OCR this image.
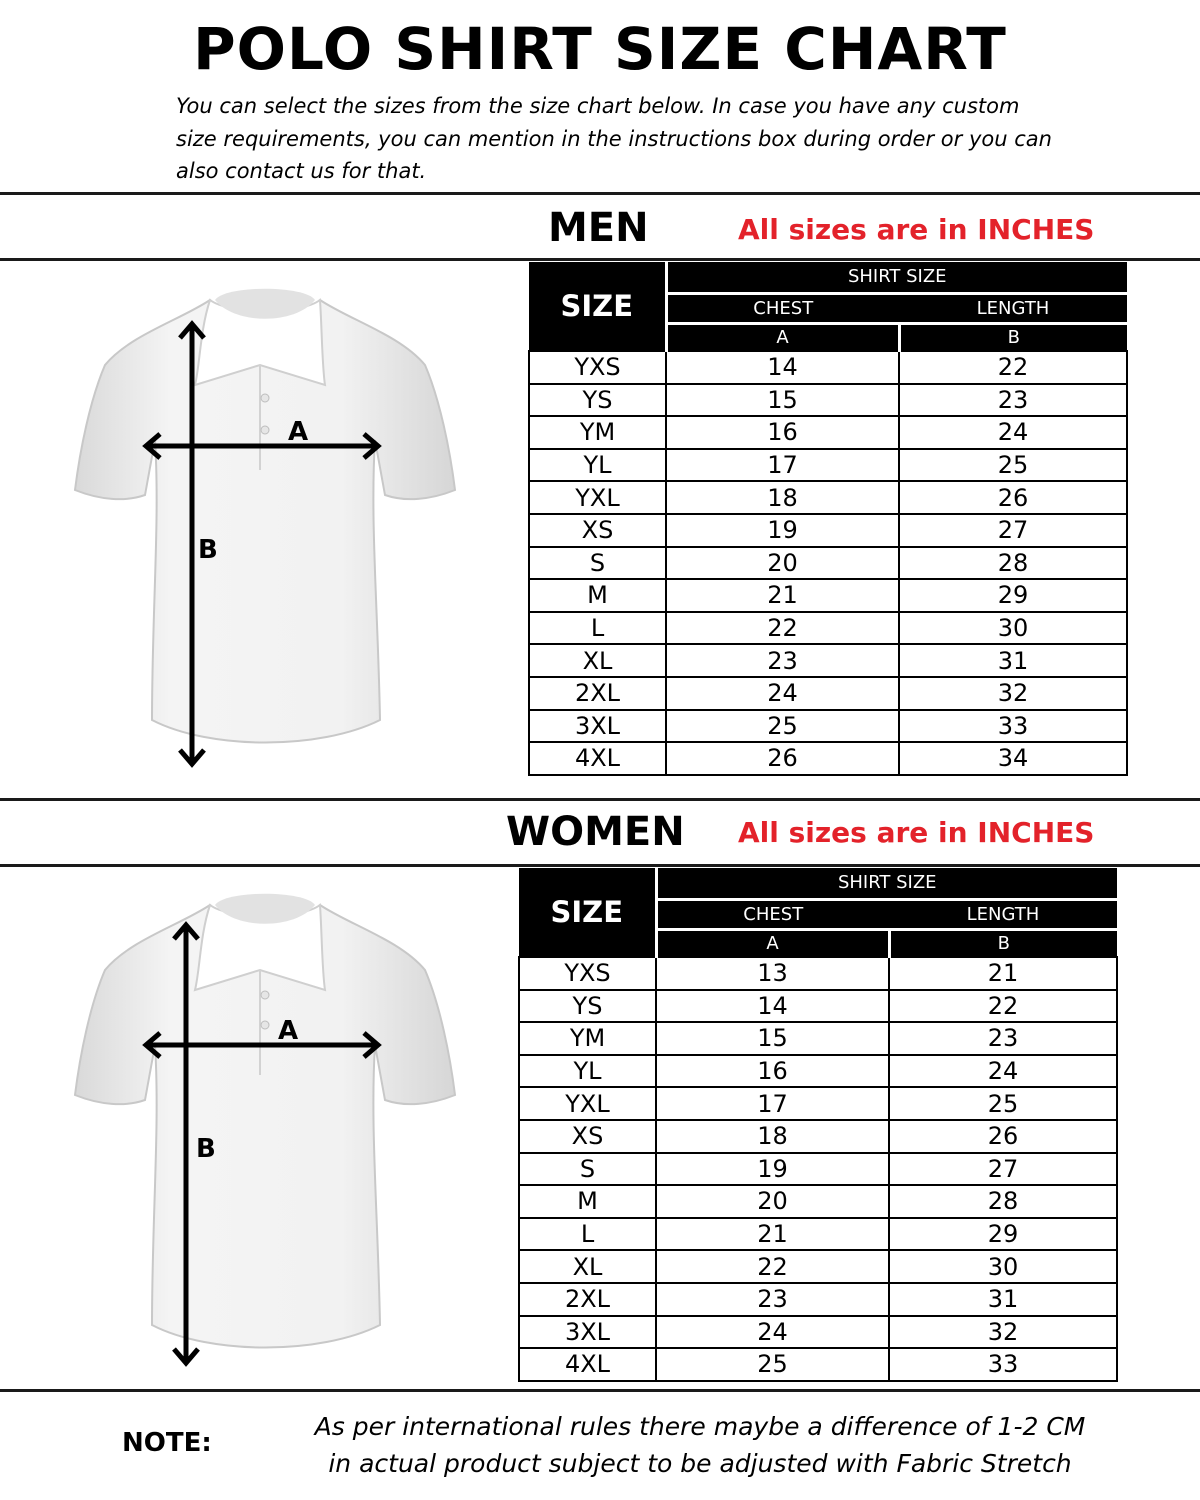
POLO SHIRT SIZE CHART
You can select the sizes from the size chart below. In case you have any custom size requirements, you can mention in the instructions box during order or you can also contact us for that.
MEN	All sizes are in INCHES
A
B
SIZE	SHIRT SIZE	
	CHEST	LENGTH
	A	B
YXS	14	22
YS	15	23
YM	16	24
YL	17	25
YXL	18	26
XS	19	27
S	20	28
M	21	29
L	22	30
XL	23	31
2XL	24	32
3XL	25	33
4XL	26	34
WOMEN All sizes are in INCHES
A
B
SIZE	SHIRT SIZE	
	CHEST	LENGTH
	A	B
YXS	13	21
YS	14	22
YM	15	23
YL	16	24
YXL	17	25
XS	18	26
S	19	27
M	20	28
L	21	29
XL	22	30
2XL	23	31
3XL	24	32
4XL	25	33
NOTE:
As per international rules there maybe a difference of 1-2 CM in actual product subject to be adjusted with Fabric Stretch
